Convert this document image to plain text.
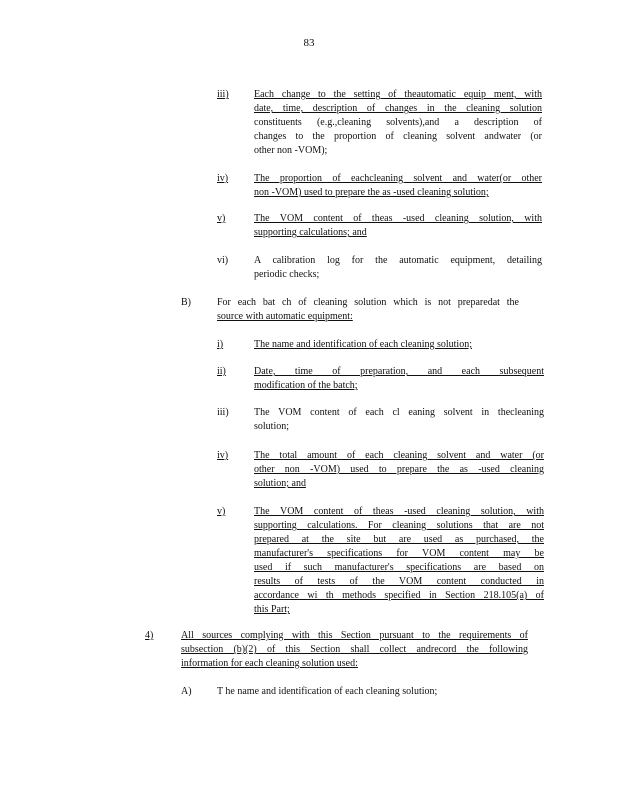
83
iii)	Each change to the setting of theautomatic equip ment, with
date, time, description of changes in the cleaning solution
constituents (e.g.,cleaning solvents),and a description of
changes to the proportion of cleaning solvent andwater (or
other non -VOM);
iv)	The proportion of eachcleaning solvent and water(or other
non -VOM) used to prepare the as -used cleaning solution;
v)	The VOM content of theas -used cleaning solution, with
supporting calculations; and
vi)	A calibration log for the automatic equipment, detailing
periodic checks;
B)	For each bat ch of cleaning solution which is not preparedat the
source with automatic equipment:
i)	The name and identification of each cleaning solution;
ii)	Date, time of preparation, and each subsequent
modification of the batch;
iii)	The VOM content of each cl eaning solvent in thecleaning
solution;
iv)	The total amount of each cleaning solvent and water (or
other non -VOM) used to prepare the as -used cleaning
solution; and
v)	The VOM content of theas -used cleaning solution, with
supporting calculations. For cleaning solutions that are not
prepared at the site but are used as purchased, the
manufacturer's specifications for VOM content may be
used if such manufacturer's specifications are based on
results of tests of the VOM content conducted in
accordance wi th methods specified in Section 218.105(a) of
this Part;
4)	All sources complying with this Section pursuant to the requirements of
subsection (b)(2) of this Section shall collect andrecord the following
information for each cleaning solution used:
A)	T he name and identification of each cleaning solution;
